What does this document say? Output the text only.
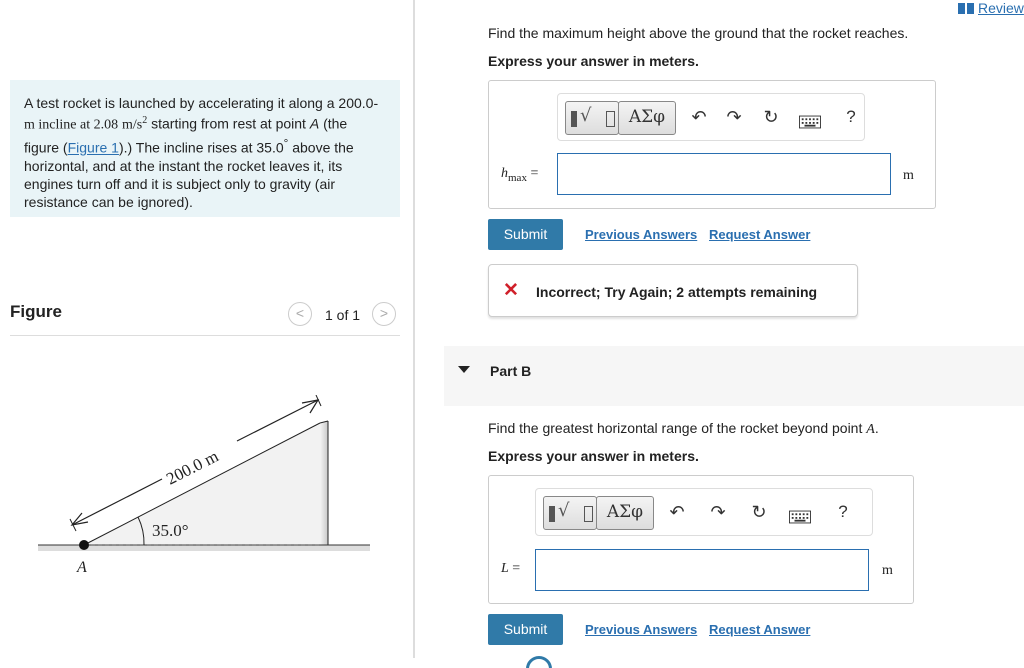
Review
A test rocket is launched by accelerating it along a 200.0-
m incline at 2.08 $m/s^2$ starting from rest at point A (the
figure (Figure 1).) The incline rises at 35.0° above the
horizontal, and at the instant the rocket leaves it, its
engines turn off and it is subject only to gravity (air
resistance can be ignored).
Figure	<	1 of 1	>
200.0 m
35.0°
A
Find the maximum height above the ground that the rocket reaches.
Express your answer in meters.
√	ΑΣφ	↶ ↷ ↻	?
$h_{max}$ =	m
Submit	Previous Answers Request Answer
✕ Incorrect; Try Again; 2 attempts remaining
Part B
Find the greatest horizontal range of the rocket beyond point A.
Express your answer in meters.
√	ΑΣφ	↶ ↷ ↻	?
L =	m
Submit	Previous Answers Request Answer
